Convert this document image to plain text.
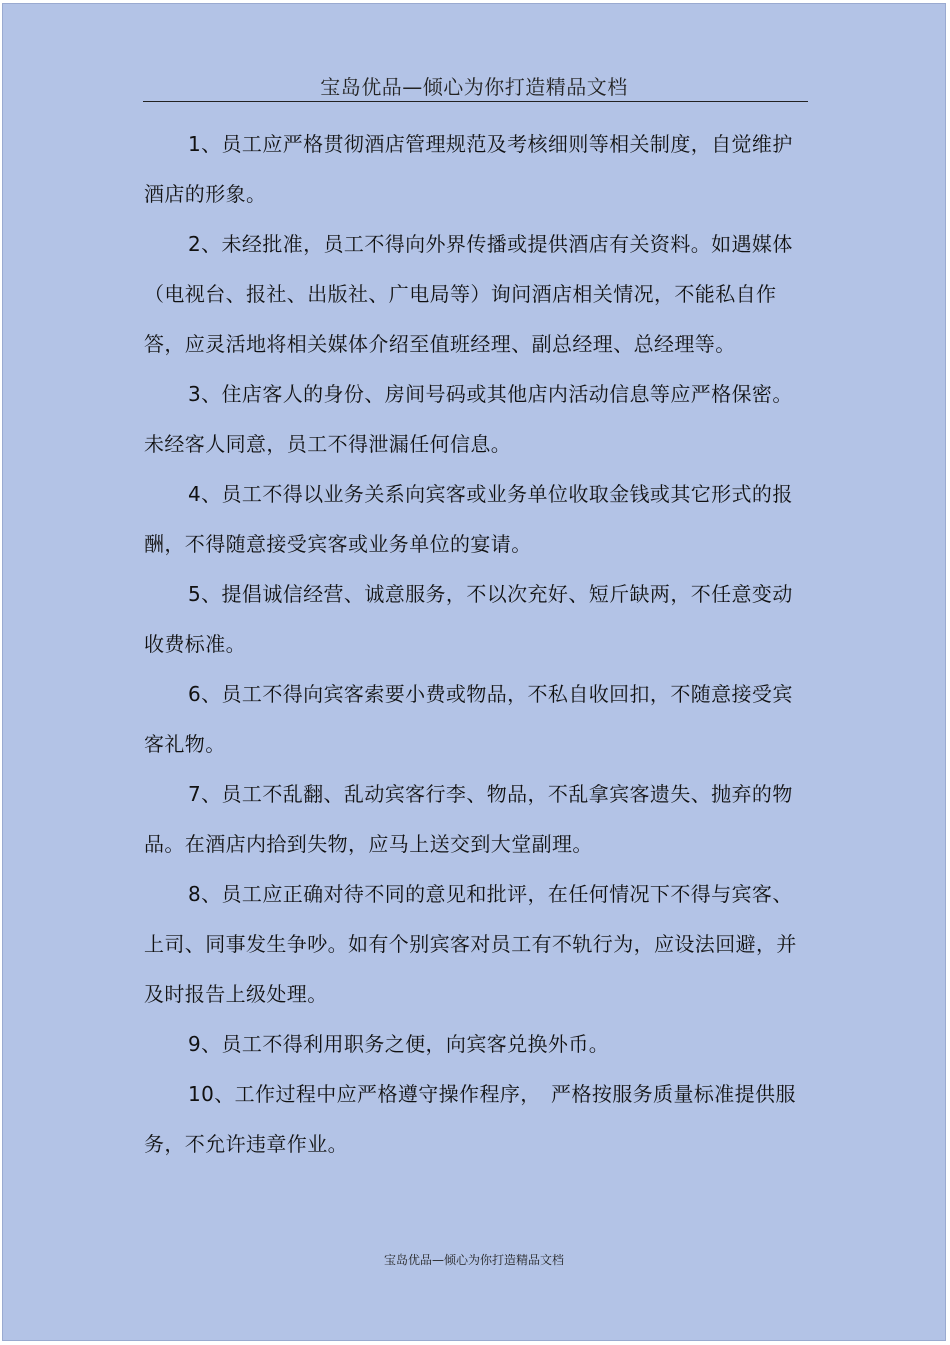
宝岛优品—倾心为你打造精品文档

1、员工应严格贯彻酒店管理规范及考核细则等相关制度，自觉维护酒店的形象。

2、未经批准，员工不得向外界传播或提供酒店有关资料。如遇媒体（电视台、报社、出版社、广电局等）询问酒店相关情况，不能私自作答，应灵活地将相关媒体介绍至值班经理、副总经理、总经理等。

3、住店客人的身份、房间号码或其他店内活动信息等应严格保密。未经客人同意，员工不得泄漏任何信息。

4、员工不得以业务关系向宾客或业务单位收取金钱或其它形式的报酬，不得随意接受宾客或业务单位的宴请。

5、提倡诚信经营、诚意服务，不以次充好、短斤缺两，不任意变动收费标准。

6、员工不得向宾客索要小费或物品，不私自收回扣，不随意接受宾客礼物。

7、员工不乱翻、乱动宾客行李、物品，不乱拿宾客遗失、抛弃的物品。在酒店内拾到失物，应马上送交到大堂副理。

8、员工应正确对待不同的意见和批评，在任何情况下不得与宾客、上司、同事发生争吵。如有个别宾客对员工有不轨行为，应设法回避，并及时报告上级处理。

9、员工不得利用职务之便，向宾客兑换外币。

10、工作过程中应严格遵守操作程序，　严格按服务质量标准提供服务，不允许违章作业。

宝岛优品—倾心为你打造精品文档
